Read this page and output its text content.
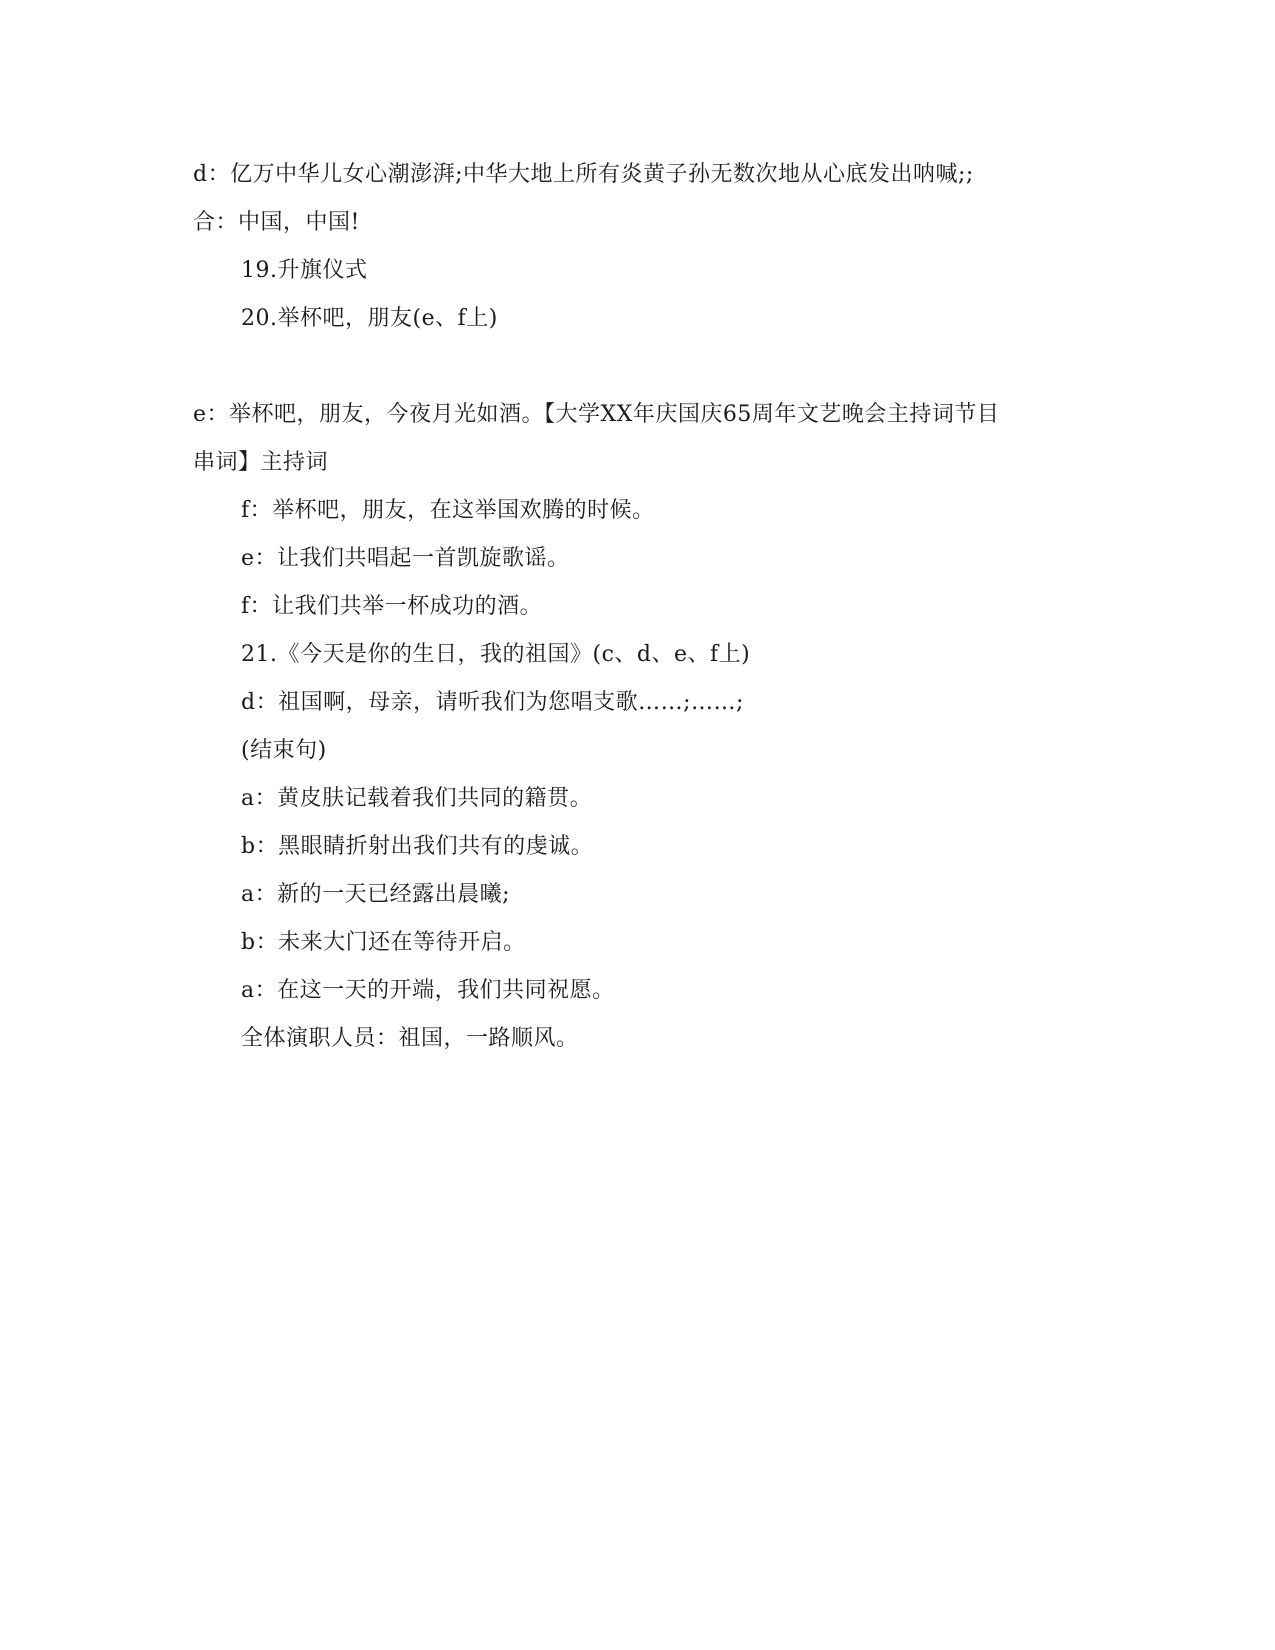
d：亿万中华儿女心潮澎湃;中华大地上所有炎黄子孙无数次地从心底发出呐喊;;
合：中国，中国!
19.升旗仪式
20.举杯吧，朋友(e、f上)
e：举杯吧，朋友，今夜月光如酒。【大学XX年庆国庆65周年文艺晚会主持词节目
串词】主持词
f：举杯吧，朋友，在这举国欢腾的时候。
e：让我们共唱起一首凯旋歌谣。
f：让我们共举一杯成功的酒。
21.《今天是你的生日，我的祖国》(c、d、e、f上)
d：祖国啊，母亲，请听我们为您唱支歌……;……;
(结束句)
a：黄皮肤记载着我们共同的籍贯。
b：黑眼睛折射出我们共有的虔诚。
a：新的一天已经露出晨曦;
b：未来大门还在等待开启。
a：在这一天的开端，我们共同祝愿。
全体演职人员：祖国，一路顺风。
